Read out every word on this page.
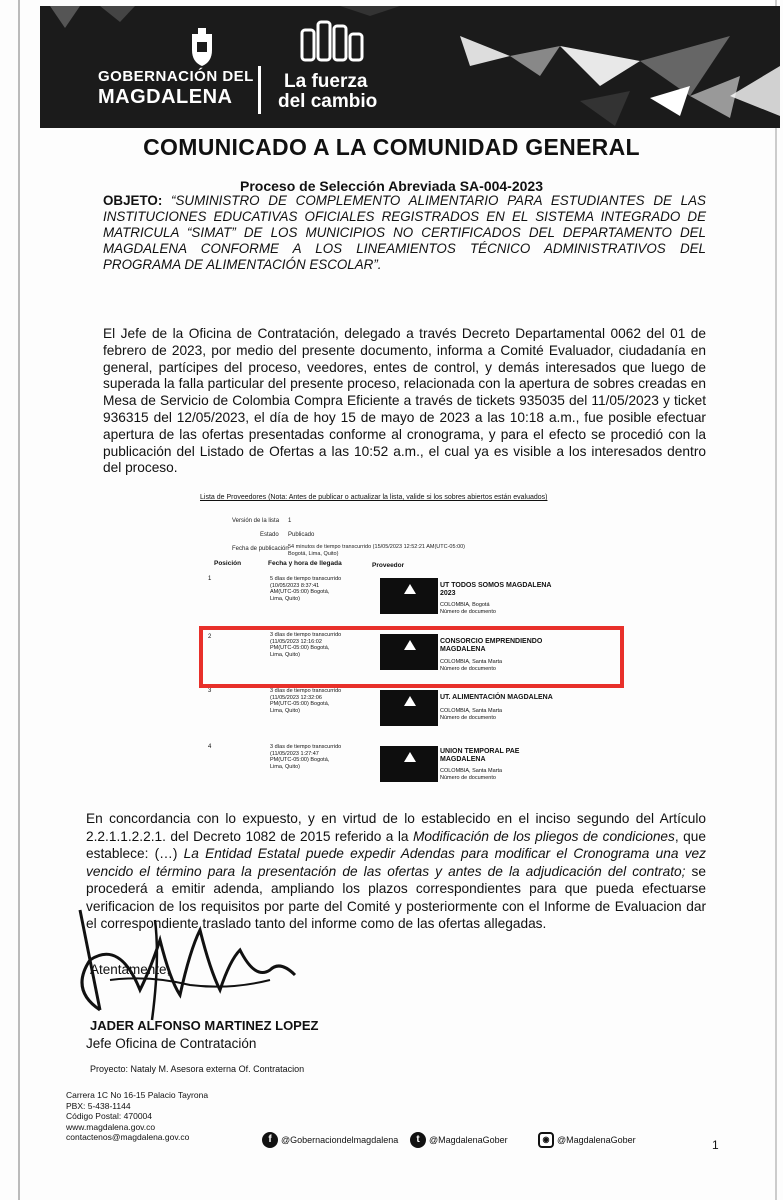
GOBERNACIÓN DEL
MAGDALENA
La fuerza
del cambio
COMUNICADO A LA COMUNIDAD GENERAL
Proceso de Selección Abreviada SA-004-2023
OBJETO: “SUMINISTRO DE COMPLEMENTO ALIMENTARIO PARA ESTUDIANTES DE LAS INSTITUCIONES EDUCATIVAS OFICIALES REGISTRADOS EN EL SISTEMA INTEGRADO DE MATRICULA “SIMAT” DE LOS MUNICIPIOS NO CERTIFICADOS DEL DEPARTAMENTO DEL MAGDALENA CONFORME A LOS LINEAMIENTOS TÉCNICO ADMINISTRATIVOS DEL PROGRAMA DE ALIMENTACIÓN ESCOLAR”.
El Jefe de la Oficina de Contratación, delegado a través Decreto Departamental 0062 del 01 de febrero de 2023, por medio del presente documento, informa a Comité Evaluador, ciudadanía en general, partícipes del proceso, veedores, entes de control, y demás interesados que luego de superada la falla particular del presente proceso, relacionada con la apertura de sobres creadas en Mesa de Servicio de Colombia Compra Eficiente a través de tickets 935035 del 11/05/2023 y ticket 936315 del 12/05/2023, el día de hoy 15 de mayo de 2023 a las 10:18 a.m., fue posible efectuar apertura de las ofertas presentadas conforme al cronograma, y para el efecto se procedió con la publicación del Listado de Ofertas a las 10:52 a.m., el cual ya es visible a los interesados dentro del proceso.
Lista de Proveedores (Nota: Antes de publicar o actualizar la lista, valide si los sobres abiertos están evaluados)
Versión de la lista 1
Estado Publicado
Fecha de publicación 54 minutos de tiempo transcurrido (15/05/2023 12:52:21 AM(UTC-05:00) Bogotá, Lima, Quito)
Posición	Fecha y hora de llegada	Proveedor
1	5 días de tiempo transcurrido (10/05/2023 8:37:41 AM(UTC-05:00) Bogotá, Lima, Quito)
UT TODOS SOMOS MAGDALENA 2023
COLOMBIA, Bogotá
Número de documento
2	3 días de tiempo transcurrido (11/05/2023 12:16:02 PM(UTC-05:00) Bogotá, Lima, Quito)
CONSORCIO EMPRENDIENDO MAGDALENA
COLOMBIA, Santa Marta
Número de documento
3	3 días de tiempo transcurrido (11/05/2023 12:32:06 PM(UTC-05:00) Bogotá, Lima, Quito)
UT. ALIMENTACIÓN MAGDALENA
COLOMBIA, Santa Marta
Número de documento
4	3 días de tiempo transcurrido (11/05/2023 1:27:47 PM(UTC-05:00) Bogotá, Lima, Quito)
UNION TEMPORAL PAE MAGDALENA
COLOMBIA, Santa Marta
Número de documento
En concordancia con lo expuesto, y en virtud de lo establecido en el inciso segundo del Artículo 2.2.1.1.2.2.1. del Decreto 1082 de 2015 referido a la Modificación de los pliegos de condiciones, que establece: (…) La Entidad Estatal puede expedir Adendas para modificar el Cronograma una vez vencido el término para la presentación de las ofertas y antes de la adjudicación del contrato; se procederá a emitir adenda, ampliando los plazos correspondientes para que pueda efectuarse verificacion de los requisitos por parte del Comité y posteriormente con el Informe de Evaluacion dar el correspondiente traslado tanto del informe como de las ofertas allegadas.
Atentamente,
JADER ALFONSO MARTINEZ LOPEZ
Jefe Oficina de Contratación
Proyecto: Nataly M. Asesora externa Of. Contratacion
Carrera 1C No 16-15 Palacio Tayrona
PBX: 5-438-1144
Código Postal: 470004
www.magdalena.gov.co
contactenos@magdalena.gov.co	f	@Gobernaciondelmagdalena	t	@MagdalenaGober	◉ @MagdalenaGober	1
